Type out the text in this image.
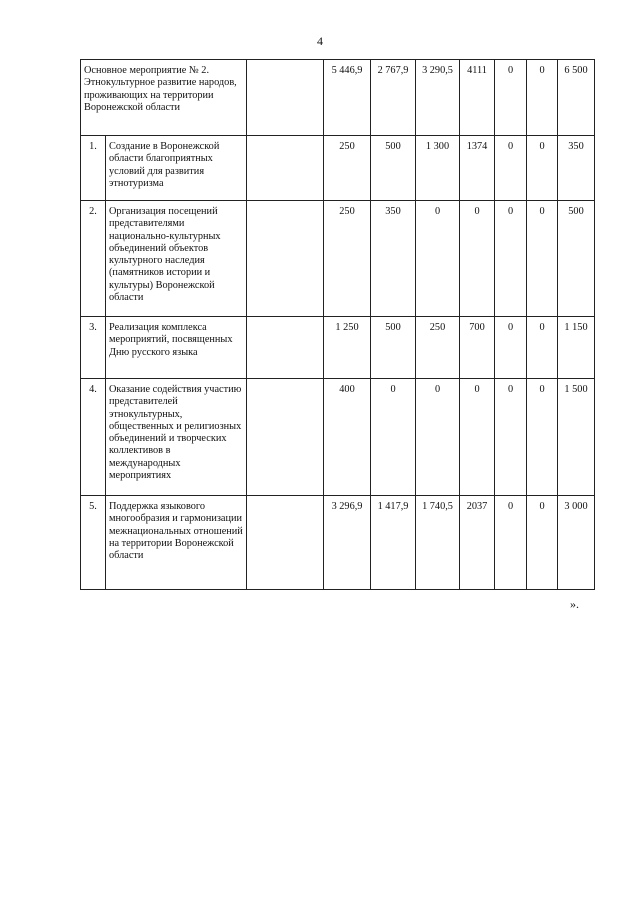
4
Основное мероприятие № 2. Этнокультурное развитие народов, проживающих на территории Воронежской области			5 446,9	2 767,9	3 290,5	4111	0	0	6 500
1.	Создание в Воронежской области благоприятных условий для развития этнотуризма		250	500	1 300	1374	0	0	350
2.	Организация посещений представителями национально-культурных объединений объектов культурного наследия (памятников истории и культуры) Воронежской области		250	350	0	0	0	0	500
3.	Реализация комплекса мероприятий, посвященных Дню русского языка		1 250	500	250	700	0	0	1 150
4.	Оказание содействия участию представителей этнокультурных, общественных и религиозных объединений и творческих коллективов в международных мероприятиях		400	0	0	0	0	0	1 500
5.	Поддержка языкового многообразия и гармонизации межнациональных отношений на территории Воронежской области		3 296,9	1 417,9	1 740,5	2037	0	0	3 000
».
